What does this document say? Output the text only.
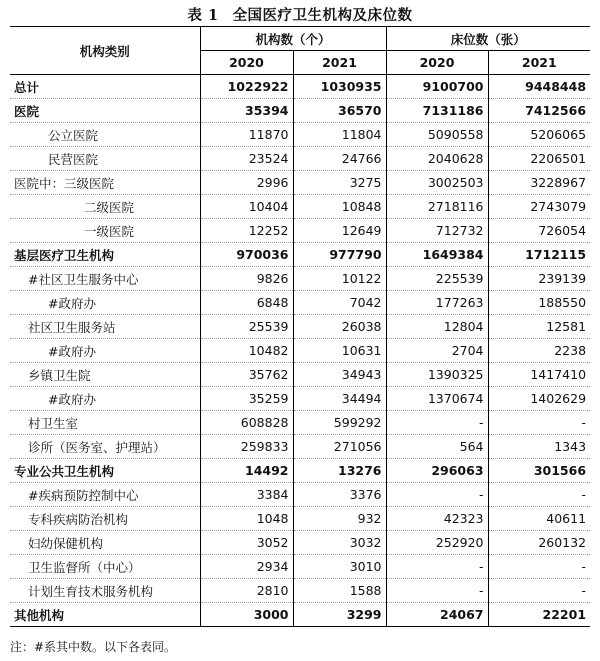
表 1 全国医疗卫生机构及床位数
机构类别	机构数（个）		床位数（张）	
	2020	2021	2020	2021
总计	1022922	1030935	9100700	9448448
医院	35394	36570	7131186	7412566
公立医院	11870	11804	5090558	5206065
民营医院	23524	24766	2040628	2206501
医院中：三级医院	2996	3275	3002503	3228967
二级医院	10404	10848	2718116	2743079
一级医院	12252	12649	712732	726054
基层医疗卫生机构	970036	977790	1649384	1712115
#社区卫生服务中心	9826	10122	225539	239139
#政府办	6848	7042	177263	188550
社区卫生服务站	25539	26038	12804	12581
#政府办	10482	10631	2704	2238
乡镇卫生院	35762	34943	1390325	1417410
#政府办	35259	34494	1370674	1402629
村卫生室	608828	599292	-	-
诊所（医务室、护理站）	259833	271056	564	1343
专业公共卫生机构	14492	13276	296063	301566
#疾病预防控制中心	3384	3376	-	-
专科疾病防治机构	1048	932	42323	40611
妇幼保健机构	3052	3032	252920	260132
卫生监督所（中心）	2934	3010	-	-
计划生育技术服务机构	2810	1588	-	-
其他机构	3000	3299	24067	22201
注：#系其中数。以下各表同。
